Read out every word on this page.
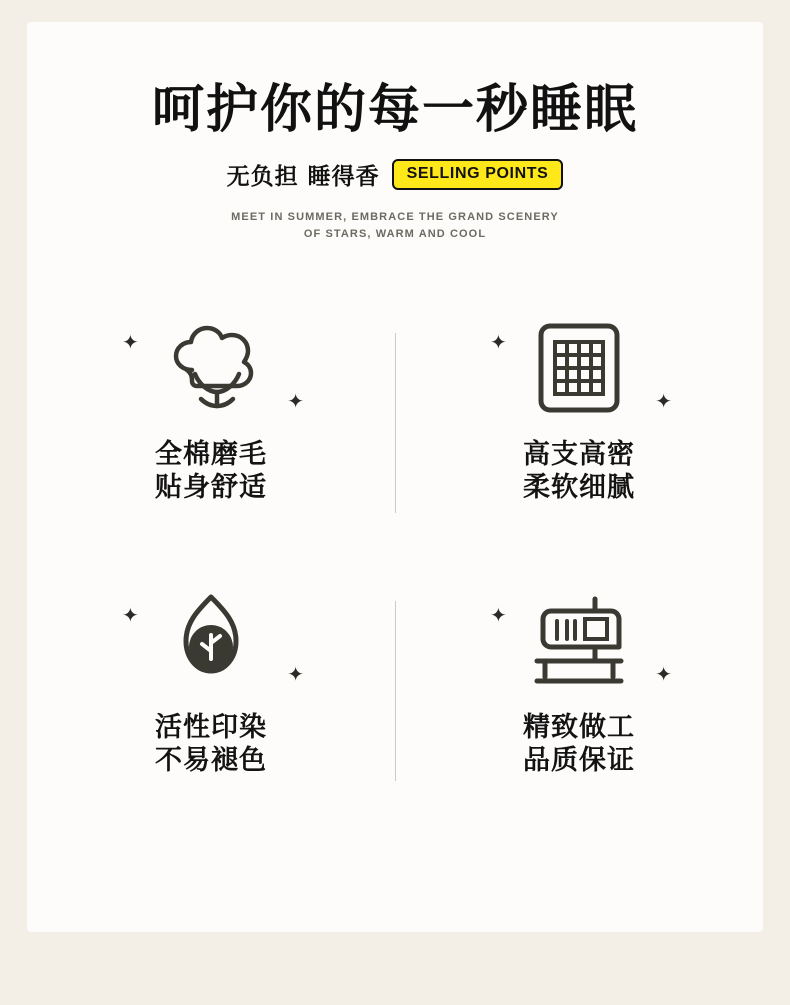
呵护你的每一秒睡眠
无负担 睡得香	SELLING POINTS
MEET IN SUMMER, EMBRACE THE GRAND SCENERY
OF STARS, WARM AND COOL
✦
✦
全棉磨毛
贴身舒适
✦
✦
高支高密
柔软细腻
✦
✦
活性印染
不易褪色
✦
✦
精致做工
品质保证
